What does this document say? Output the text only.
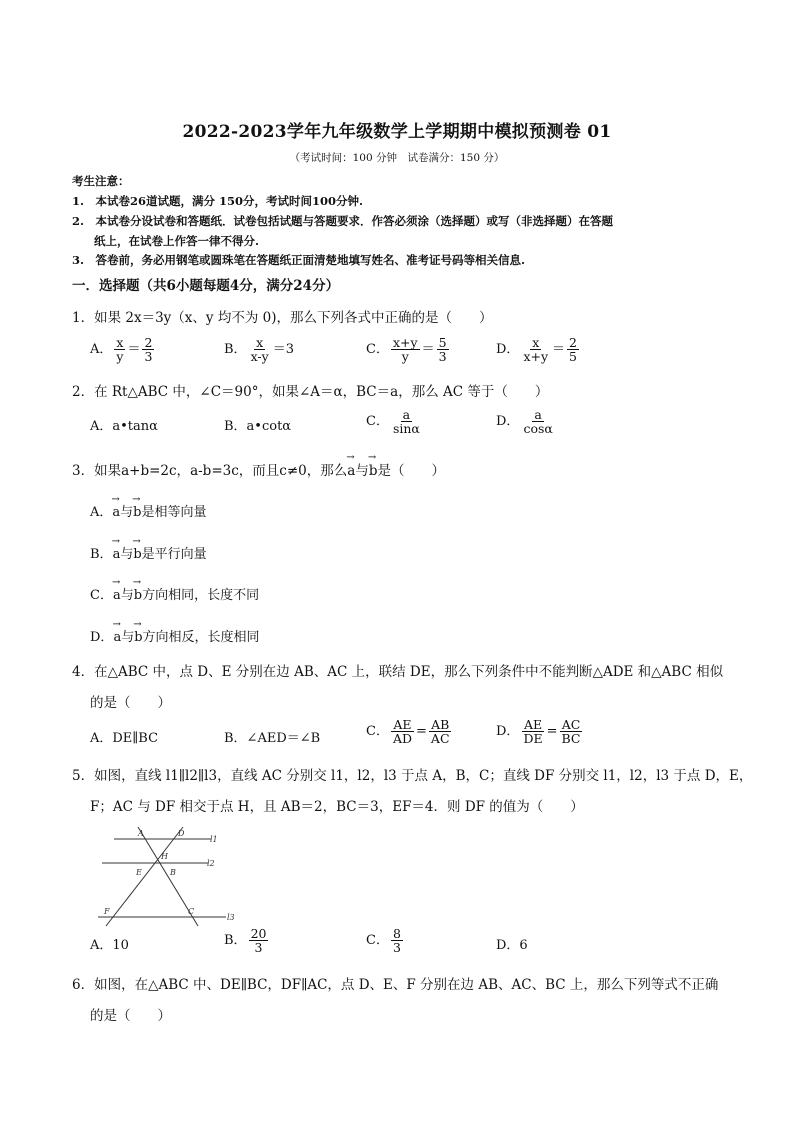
2022-2023学年九年级数学上学期期中模拟预测卷 01
（考试时间：100 分钟　试卷满分：150 分）
考生注意：
1.　本试卷26道试题，满分 150分，考试时间100分钟.
2.　本试卷分设试卷和答题纸．试卷包括试题与答题要求．作答必须涂（选择题）或写（非选择题）在答题
纸上，在试卷上作答一律不得分.
3.　答卷前，务必用钢笔或圆珠笔在答题纸正面清楚地填写姓名、准考证号码等相关信息.
一．选择题（共6小题每题4分，满分24分）
1．如果 2x＝3y（x、y 均不为 0)，那么下列各式中正确的是（　　）
A． $\frac{x}{y} = \frac{2}{3}$	B． $\frac{x}{x-y} =3$	C． $\frac{x+y}{y} = \frac{5}{3}$	D． $\frac{x}{x+y} = \frac{2}{5}$
2．在 Rt△ABC 中，∠C＝90°，如果∠A＝α，BC＝a，那么 AC 等于（　　）
A．a•tanα	B．a•cotα	C． $\frac{a}{\sin\alpha}$	D． $\frac{a}{\cos\alpha}$
3．如果a+b=2c，a-b=3c，而且c≠0，那么→ a与→ b是（　　）
A．→ a与→ b是相等向量
B．→ a与→ b是平行向量
C．→ a与→ b方向相同，长度不同
D．→ a与→ b方向相反，长度相同
4．在△ABC 中，点 D、E 分别在边 AB、AC 上，联结 DE，那么下列条件中不能判断△ADE 和△ABC 相似
的是（　　）
A．DE∥BC	B．∠AED＝∠B	C． $\frac{AE}{AD} = \frac{AB}{AC}$	D． $\frac{AE}{DE} = \frac{AC}{BC}$
5．如图，直线 l1∥l2∥l3，直线 AC 分别交 l1，l2，l3 于点 A，B，C；直线 DF 分别交 l1，l2，l3 于点 D，E，
F；AC 与 DF 相交于点 H，且 AB＝2，BC＝3，EF＝4．则 DF 的值为（　　）
A	D
H
E	B
F	C
l1
l2
l3
A．10	B． $\frac{20}{3}$	C． $\frac{8}{3}$	D．6
6．如图，在△ABC 中、DE∥BC，DF∥AC，点 D、E、F 分别在边 AB、AC、BC 上，那么下列等式不正确
的是（　　）
